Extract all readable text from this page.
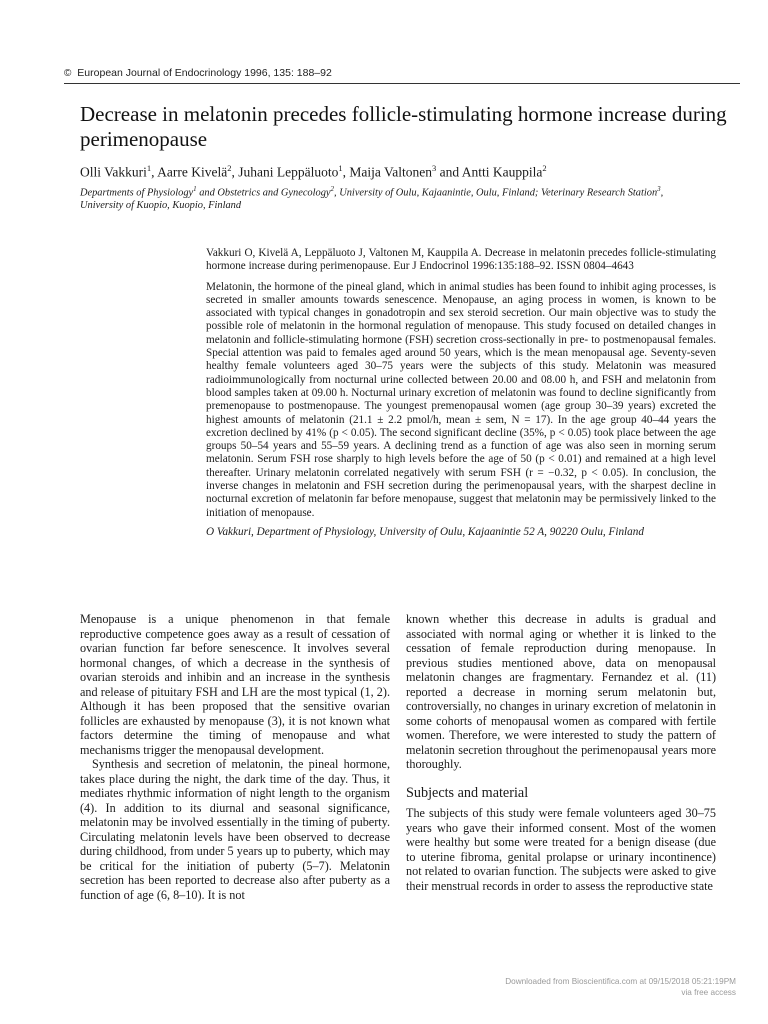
© European Journal of Endocrinology 1996, 135: 188–92
Decrease in melatonin precedes follicle-stimulating hormone increase during perimenopause
Olli Vakkuri$^1$, Aarre Kivelä$^2$, Juhani Leppäluoto$^1$, Maija Valtonen$^3$ and Antti Kauppila$^2$
Departments of Physiology$^1$ and Obstetrics and Gynecology$^2$, University of Oulu, Kajaanintie, Oulu, Finland; Veterinary Research Station$^3$, University of Kuopio, Kuopio, Finland

Vakkuri O, Kivelä A, Leppäluoto J, Valtonen M, Kauppila A. Decrease in melatonin precedes follicle-stimulating hormone increase during perimenopause. Eur J Endocrinol 1996:135:188–92. ISSN 0804–4643

Melatonin, the hormone of the pineal gland, which in animal studies has been found to inhibit aging processes, is secreted in smaller amounts towards senescence. Menopause, an aging process in women, is known to be associated with typical changes in gonadotropin and sex steroid secretion. Our main objective was to study the possible role of melatonin in the hormonal regulation of menopause. This study focused on detailed changes in melatonin and follicle-stimulating hormone (FSH) secretion cross-sectionally in pre- to postmenopausal females. Special attention was paid to females aged around 50 years, which is the mean menopausal age. Seventy-seven healthy female volunteers aged 30–75 years were the subjects of this study. Melatonin was measured radioimmunologically from nocturnal urine collected between 20.00 and 08.00 h, and FSH and melatonin from blood samples taken at 09.00 h. Nocturnal urinary excretion of melatonin was found to decline significantly from premenopause to postmenopause. The youngest premenopausal women (age group 30–39 years) excreted the highest amounts of melatonin (21.1 ± 2.2 pmol/h, mean ± sem, N = 17). In the age group 40–44 years the excretion declined by 41% (p < 0.05). The second significant decline (35%, p < 0.05) took place between the age groups 50–54 years and 55–59 years. A declining trend as a function of age was also seen in morning serum melatonin. Serum FSH rose sharply to high levels before the age of 50 (p < 0.01) and remained at a high level thereafter. Urinary melatonin correlated negatively with serum FSH (r = −0.32, p < 0.05). In conclusion, the inverse changes in melatonin and FSH secretion during the perimenopausal years, with the sharpest decline in nocturnal excretion of melatonin far before menopause, suggest that melatonin may be permissively linked to the initiation of menopause.

O Vakkuri, Department of Physiology, University of Oulu, Kajaanintie 52 A, 90220 Oulu, Finland

Menopause is a unique phenomenon in that female reproductive competence goes away as a result of cessation of ovarian function far before senescence. It involves several hormonal changes, of which a decrease in the synthesis of ovarian steroids and inhibin and an increase in the synthesis and release of pituitary FSH and LH are the most typical (1, 2). Although it has been proposed that the sensitive ovarian follicles are exhausted by menopause (3), it is not known what factors determine the timing of menopause and what mechanisms trigger the menopausal development.

Synthesis and secretion of melatonin, the pineal hormone, takes place during the night, the dark time of the day. Thus, it mediates rhythmic information of night length to the organism (4). In addition to its diurnal and seasonal significance, melatonin may be involved essentially in the timing of puberty. Circulating melatonin levels have been observed to decrease during childhood, from under 5 years up to puberty, which may be critical for the initiation of puberty (5–7). Melatonin secretion has been reported to decrease also after puberty as a function of age (6, 8–10). It is not

known whether this decrease in adults is gradual and associated with normal aging or whether it is linked to the cessation of female reproduction during menopause. In previous studies mentioned above, data on menopausal melatonin changes are fragmentary. Fernandez et al. (11) reported a decrease in morning serum melatonin but, controversially, no changes in urinary excretion of melatonin in some cohorts of menopausal women as compared with fertile women. Therefore, we were interested to study the pattern of melatonin secretion throughout the perimenopausal years more thoroughly.

Subjects and material

The subjects of this study were female volunteers aged 30–75 years who gave their informed consent. Most of the women were healthy but some were treated for a benign disease (due to uterine fibroma, genital prolapse or urinary incontinence) not related to ovarian function. The subjects were asked to give their menstrual records in order to assess the reproductive state

Downloaded from Bioscientifica.com at 09/15/2018 05:21:19PM
via free access
